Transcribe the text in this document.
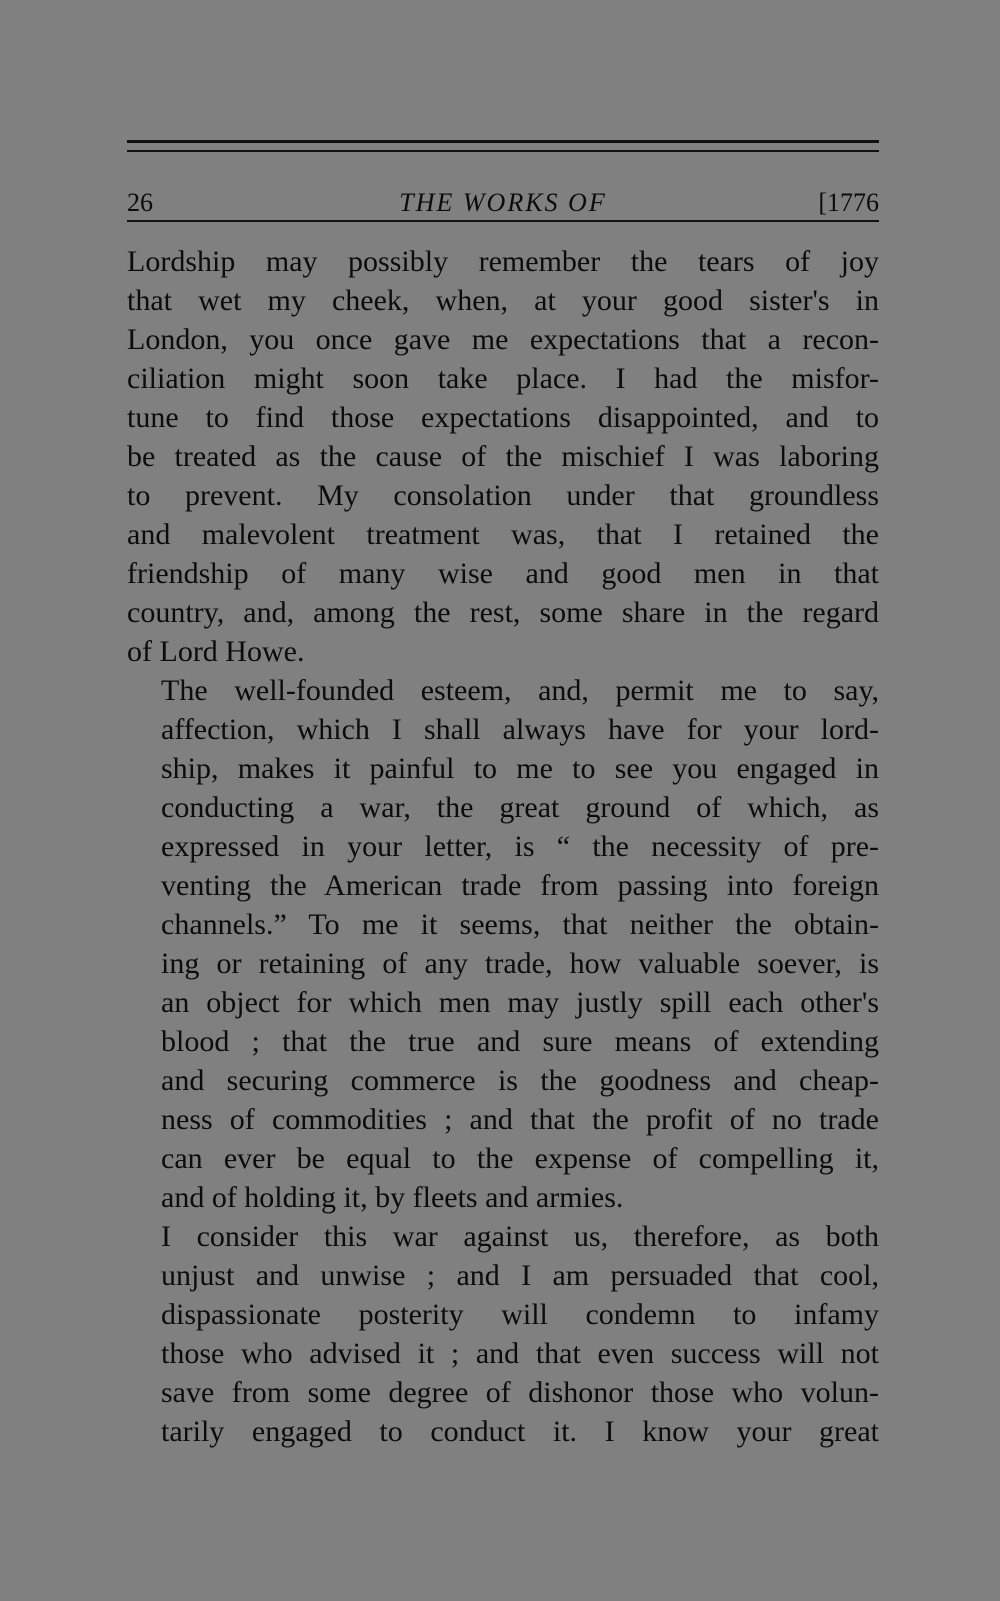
26	THE WORKS OF	[1776

Lordship may possibly remember the tears of joy
that wet my cheek, when, at your good sister's in
London, you once gave me expectations that a recon-
ciliation might soon take place. I had the misfor-
tune to find those expectations disappointed, and to
be treated as the cause of the mischief I was laboring
to prevent. My consolation under that groundless
and malevolent treatment was, that I retained the
friendship of many wise and good men in that
country, and, among the rest, some share in the regard
of Lord Howe.

The well-founded esteem, and, permit me to say,
affection, which I shall always have for your lord-
ship, makes it painful to me to see you engaged in
conducting a war, the great ground of which, as
expressed in your letter, is “ the necessity of pre-
venting the American trade from passing into foreign
channels.” To me it seems, that neither the obtain-
ing or retaining of any trade, how valuable soever, is
an object for which men may justly spill each other's
blood ; that the true and sure means of extending
and securing commerce is the goodness and cheap-
ness of commodities ; and that the profit of no trade
can ever be equal to the expense of compelling it,
and of holding it, by fleets and armies.

I consider this war against us, therefore, as both
unjust and unwise ; and I am persuaded that cool,
dispassionate posterity will condemn to infamy
those who advised it ; and that even success will not
save from some degree of dishonor those who volun-
tarily engaged to conduct it. I know your great
